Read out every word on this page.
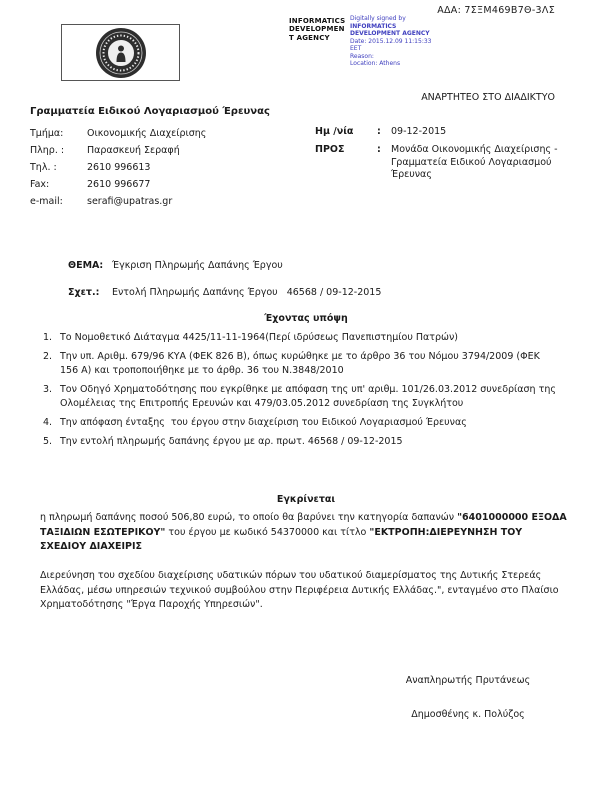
ΑΔΑ: 7ΣΞΜ469Β7Θ-3ΛΣ
INFORMATICS
DEVELOPMEN
T AGENCY
Digitally signed by
INFORMATICS
DEVELOPMENT AGENCY
Date: 2015.12.09 11:15:33
EET
Reason:
Location: Athens
ΑΝΑΡΤΗΤΕΟ ΣΤΟ ΔΙΑΔΙΚΤΥΟ
Γραμματεία Ειδικού Λογαριασμού Έρευνας
Τμήμα:	Οικονομικής Διαχείρισης
Πληρ. :	Παρασκευή Σεραφή
Τηλ. :	2610 996613
Fax:	2610 996677
e-mail:	serafi@upatras.gr
Ημ /νία	:	09-12-2015
ΠΡΟΣ	:	Μονάδα Οικονομικής Διαχείρισης - Γραμματεία Ειδικού Λογαριασμού Έρευνας
ΘΕΜΑ: Έγκριση Πληρωμής Δαπάνης Έργου
Σχετ.:	Εντολή Πληρωμής Δαπάνης Έργου   46568 / 09-12-2015
Έχοντας υπόψη
Το Νομοθετικό Διάταγμα 4425/11-11-1964(Περί ιδρύσεως Πανεπιστημίου Πατρών)
Την υπ. Αριθμ. 679/96 ΚΥΑ (ΦΕΚ 826 Β), όπως κυρώθηκε με το άρθρο 36 του Νόμου 3794/2009 (ΦΕΚ 156 Α) και τροποποιήθηκε με το άρθρ. 36 του Ν.3848/2010
Τον Οδηγό Χρηματοδότησης που εγκρίθηκε με απόφαση της υπ' αριθμ. 101/26.03.2012 συνεδρίαση της Ολομέλειας της Επιτροπής Ερευνών και 479/03.05.2012 συνεδρίαση της Συγκλήτου
Την απόφαση ένταξης  του έργου στην διαχείριση του Ειδικού Λογαριασμού Έρευνας
Την εντολή πληρωμής δαπάνης έργου με αρ. πρωτ. 46568 / 09-12-2015
Εγκρίνεται

η πληρωμή δαπάνης ποσού 506,80 ευρώ, το οποίο θα βαρύνει την κατηγορία δαπανών "6401000000 ΕΞΟΔΑ ΤΑΞΙΔΙΩΝ ΕΣΩΤΕΡΙΚΟΥ" του έργου με κωδικό 54370000 και τίτλο "ΕΚΤΡΟΠΗ:ΔΙΕΡΕΥΝΗΣΗ ΤΟΥ ΣΧΕΔΙΟΥ ΔΙΑΧΕΙΡΙΣ

Διερεύνηση του σχεδίου διαχείρισης υδατικών πόρων του υδατικού διαμερίσματος της Δυτικής Στερεάς Ελλάδας, μέσω υπηρεσιών τεχνικού συμβούλου στην Περιφέρεια Δυτικής Ελλάδας.", ενταγμένο στο Πλαίσιο Χρηματοδότησης "Έργα Παροχής Υπηρεσιών".

Αναπληρωτής Πρυτάνεως
Δημοσθένης κ. Πολύζος
